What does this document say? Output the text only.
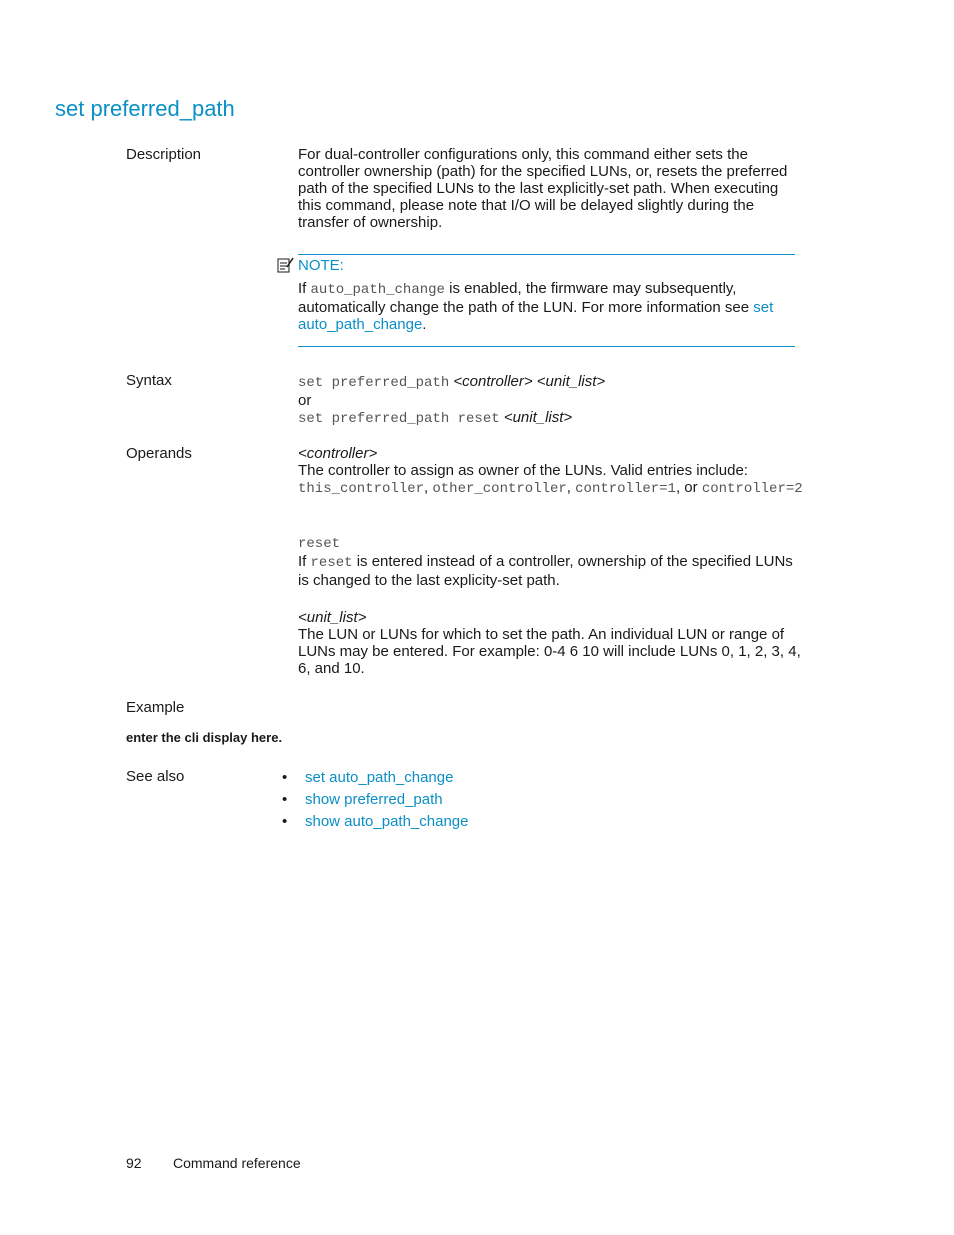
set preferred_path
Description	For dual-controller configurations only, this command either sets the controller ownership (path) for the specified LUNs, or, resets the preferred path of the specified LUNs to the last explicitly-set path. When executing this command, please note that I/O will be delayed slightly during the transfer of ownership.
NOTE:
If auto_path_change is enabled, the firmware may subsequently, automatically change the path of the LUN. For more information see set auto_path_change.
Syntax	set preferred_path <controller> <unit_list>
or
set preferred_path reset <unit_list>
Operands	<controller>
The controller to assign as owner of the LUNs. Valid entries include:
this_controller, other_controller, controller=1, or controller=2
reset
If reset is entered instead of a controller, ownership of the specified LUNs is changed to the last explicity-set path.
<unit_list>
The LUN or LUNs for which to set the path. An individual LUN or range of LUNs may be entered. For example: 0-4 6 10 will include LUNs 0, 1, 2, 3, 4, 6, and 10.
Example
enter the cli display here.
See also	• set auto_path_change
• show preferred_path
• show auto_path_change
92 Command reference
